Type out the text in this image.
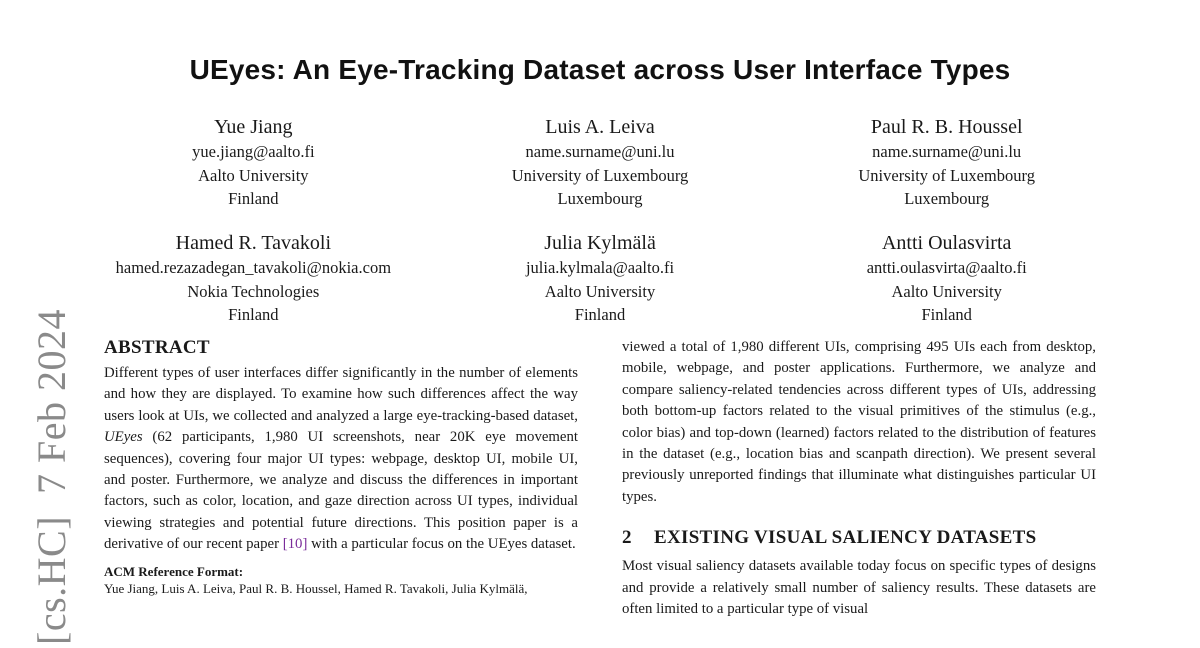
UEyes: An Eye-Tracking Dataset across User Interface Types
Yue Jiang
yue.jiang@aalto.fi
Aalto University
Finland
Luis A. Leiva
name.surname@uni.lu
University of Luxembourg
Luxembourg
Paul R. B. Houssel
name.surname@uni.lu
University of Luxembourg
Luxembourg
Hamed R. Tavakoli
hamed.rezazadegan_tavakoli@nokia.com
Nokia Technologies
Finland
Julia Kylmälä
julia.kylmala@aalto.fi
Aalto University
Finland
Antti Oulasvirta
antti.oulasvirta@aalto.fi
Aalto University
Finland
[cs.HC]7 Feb 2024 ABSTRACT

Different types of user interfaces differ significantly in the number of elements and how they are displayed. To examine how such differences affect the way users look at UIs, we collected and analyzed a large eye-tracking-based dataset, UEyes (62 participants, 1,980 UI screenshots, near 20K eye movement sequences), covering four major UI types: webpage, desktop UI, mobile UI, and poster. Furthermore, we analyze and discuss the differences in important factors, such as color, location, and gaze direction across UI types, individual viewing strategies and potential future directions. This position paper is a derivative of our recent paper [10] with a particular focus on the UEyes dataset.

ACM Reference Format:
Yue Jiang, Luis A. Leiva, Paul R. B. Houssel, Hamed R. Tavakoli, Julia Kylmälä,

viewed a total of 1,980 different UIs, comprising 495 UIs each from desktop, mobile, webpage, and poster applications. Furthermore, we analyze and compare saliency-related tendencies across different types of UIs, addressing both bottom-up factors related to the visual primitives of the stimulus (e.g., color bias) and top-down (learned) factors related to the distribution of features in the dataset (e.g., location bias and scanpath direction). We present several previously unreported findings that illuminate what distinguishes particular UI types.

2 EXISTING VISUAL SALIENCY DATASETS

Most visual saliency datasets available today focus on specific types of designs and provide a relatively small number of saliency results. These datasets are often limited to a particular type of visual
